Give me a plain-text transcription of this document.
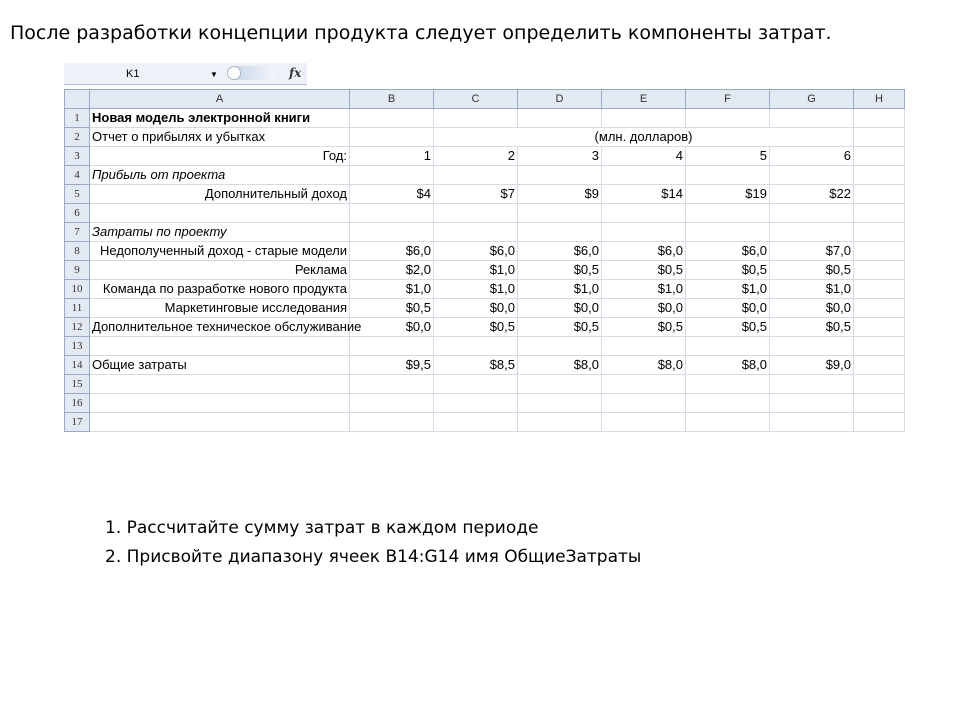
После разработки концепции продукта следует определить компоненты затрат.
K1	▼	fx
	A	B	C	D	E	F	G	H
1	Новая модель электронной книги							
2	Отчет о прибылях и убытках		(млн. долларов)					
3	Год:	1	2	3	4	5	6	
4	Прибыль от проекта							
5	Дополнительный доход	$4	$7	$9	$14	$19	$22	
6								
7	Затраты по проекту							
8	Недополученный доход - старые модели	$6,0	$6,0	$6,0	$6,0	$6,0	$7,0	
9	Реклама	$2,0	$1,0	$0,5	$0,5	$0,5	$0,5	
10	Команда по разработке нового продукта	$1,0	$1,0	$1,0	$1,0	$1,0	$1,0	
11	Маркетинговые исследования	$0,5	$0,0	$0,0	$0,0	$0,0	$0,0	
12	Дополнительное техническое обслуживание	$0,0	$0,5	$0,5	$0,5	$0,5	$0,5	
13								
14	Общие затраты	$9,5	$8,5	$8,0	$8,0	$8,0	$9,0	
15								
16								
17								
1. Рассчитайте сумму затрат в каждом периоде
2. Присвойте диапазону ячеек B14:G14 имя ОбщиеЗатраты
